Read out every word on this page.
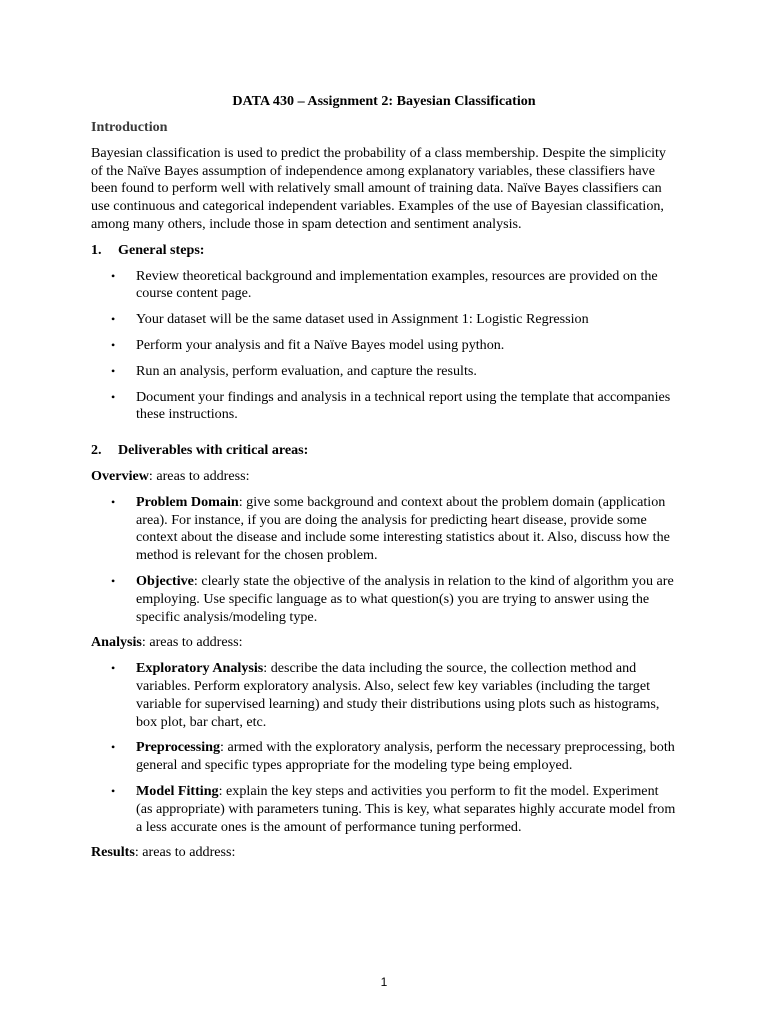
DATA 430 – Assignment 2: Bayesian Classification
Introduction

Bayesian classification is used to predict the probability of a class membership. Despite the simplicity of the Naïve Bayes assumption of independence among explanatory variables, these classifiers have been found to perform well with relatively small amount of training data. Naïve Bayes classifiers can use continuous and categorical independent variables. Examples of the use of Bayesian classification, among many others, include those in spam detection and sentiment analysis.

1.	General steps:
• Review theoretical background and implementation examples, resources are provided on the course content page.
• Your dataset will be the same dataset used in Assignment 1: Logistic Regression
• Perform your analysis and fit a Naïve Bayes model using python.
• Run an analysis, perform evaluation, and capture the results.
• Document your findings and analysis in a technical report using the template that accompanies these instructions.
2.	Deliverables with critical areas:
Overview: areas to address:
• Problem Domain: give some background and context about the problem domain (application area). For instance, if you are doing the analysis for predicting heart disease, provide some context about the disease and include some interesting statistics about it. Also, discuss how the method is relevant for the chosen problem.
• Objective: clearly state the objective of the analysis in relation to the kind of algorithm you are employing. Use specific language as to what question(s) you are trying to answer using the specific analysis/modeling type.
Analysis: areas to address:
• Exploratory Analysis: describe the data including the source, the collection method and variables. Perform exploratory analysis. Also, select few key variables (including the target variable for supervised learning) and study their distributions using plots such as histograms, box plot, bar chart, etc.
• Preprocessing: armed with the exploratory analysis, perform the necessary preprocessing, both general and specific types appropriate for the modeling type being employed.
• Model Fitting: explain the key steps and activities you perform to fit the model. Experiment (as appropriate) with parameters tuning. This is key, what separates highly accurate model from a less accurate ones is the amount of performance tuning performed.
Results: areas to address:
1
